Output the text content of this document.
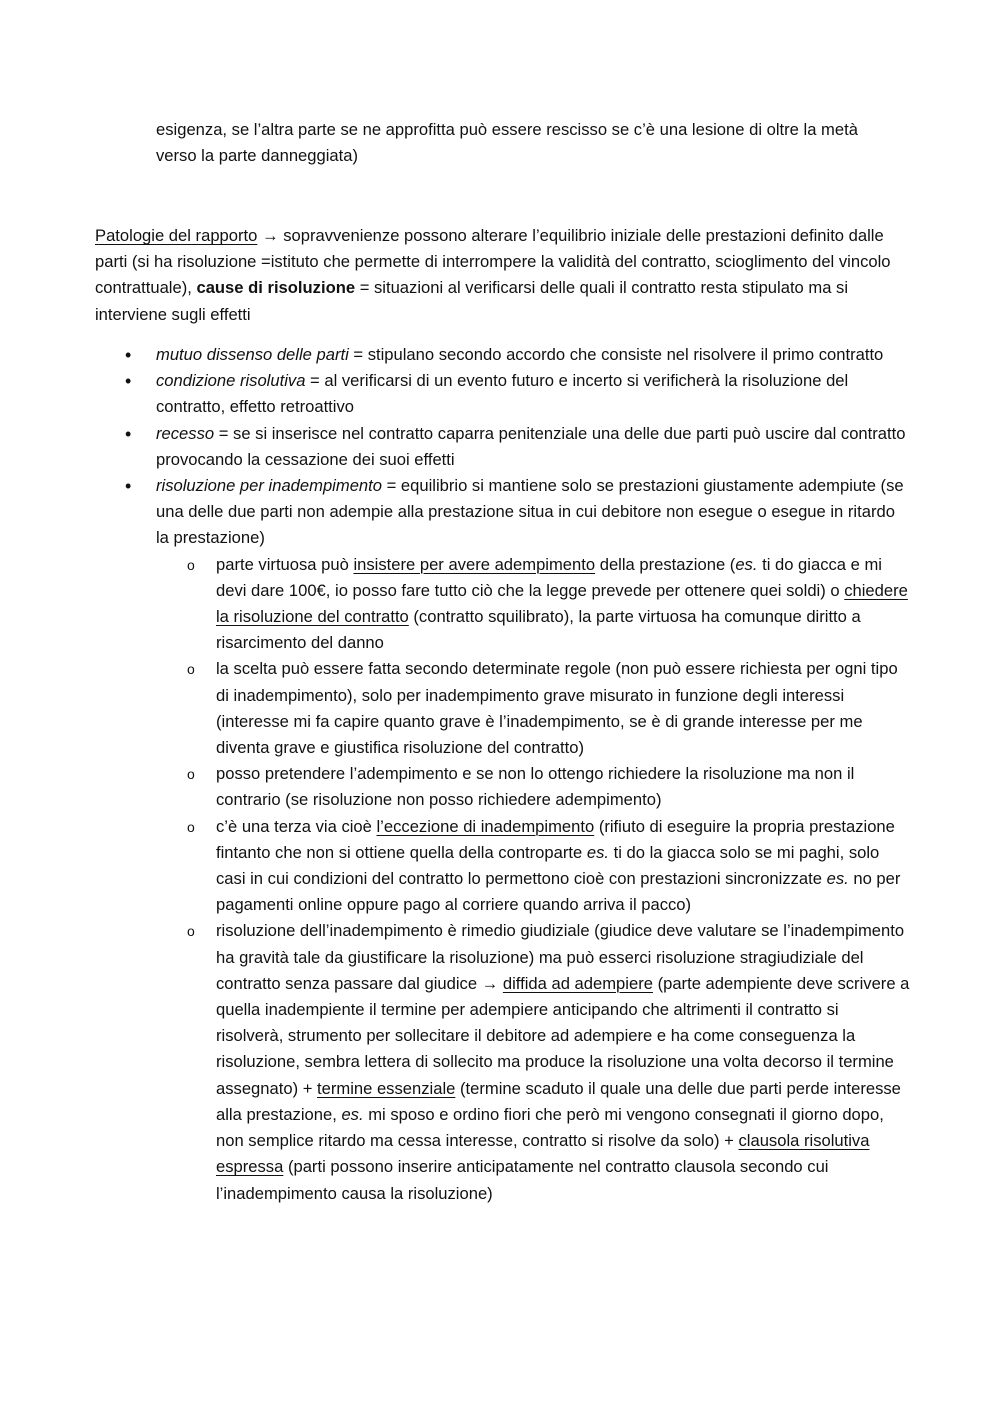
esigenza, se l’altra parte se ne approfitta può essere rescisso se c’è una lesione di oltre la metà
verso la parte danneggiata)

Patologie del rapporto → sopravvenienze possono alterare l’equilibrio iniziale delle prestazioni definito dalle parti (si ha risoluzione =istituto che permette di interrompere la validità del contratto, scioglimento del vincolo contrattuale), cause di risoluzione = situazioni al verificarsi delle quali il contratto resta stipulato ma si interviene sugli effetti

• mutuo dissenso delle parti = stipulano secondo accordo che consiste nel risolvere il primo contratto
• condizione risolutiva = al verificarsi di un evento futuro e incerto si verificherà la risoluzione del contratto, effetto retroattivo
• recesso = se si inserisce nel contratto caparra penitenziale una delle due parti può uscire dal contratto provocando la cessazione dei suoi effetti
• risoluzione per inadempimento = equilibrio si mantiene solo se prestazioni giustamente adempiute (se una delle due parti non adempie alla prestazione situa in cui debitore non esegue o esegue in ritardo la prestazione)
o parte virtuosa può insistere per avere adempimento della prestazione (es. ti do giacca e mi devi dare 100€, io posso fare tutto ciò che la legge prevede per ottenere quei soldi) o chiedere la risoluzione del contratto (contratto squilibrato), la parte virtuosa ha comunque diritto a risarcimento del danno
o la scelta può essere fatta secondo determinate regole (non può essere richiesta per ogni tipo di inadempimento), solo per inadempimento grave misurato in funzione degli interessi (interesse mi fa capire quanto grave è l’inadempimento, se è di grande interesse per me diventa grave e giustifica risoluzione del contratto)
o posso pretendere l’adempimento e se non lo ottengo richiedere la risoluzione ma non il contrario (se risoluzione non posso richiedere adempimento)
o c’è una terza via cioè l’eccezione di inadempimento (rifiuto di eseguire la propria prestazione fintanto che non si ottiene quella della controparte es. ti do la giacca solo se mi paghi, solo casi in cui condizioni del contratto lo permettono cioè con prestazioni sincronizzate es. no per pagamenti online oppure pago al corriere quando arriva il pacco)
o risoluzione dell’inadempimento è rimedio giudiziale (giudice deve valutare se l’inadempimento ha gravità tale da giustificare la risoluzione) ma può esserci risoluzione stragiudiziale del contratto senza passare dal giudice → diffida ad adempiere (parte adempiente deve scrivere a quella inadempiente il termine per adempiere anticipando che altrimenti il contratto si risolverà, strumento per sollecitare il debitore ad adempiere e ha come conseguenza la risoluzione, sembra lettera di sollecito ma produce la risoluzione una volta decorso il termine assegnato) + termine essenziale (termine scaduto il quale una delle due parti perde interesse alla prestazione, es. mi sposo e ordino fiori che però mi vengono consegnati il giorno dopo, non semplice ritardo ma cessa interesse, contratto si risolve da solo) + clausola risolutiva espressa (parti possono inserire anticipatamente nel contratto clausola secondo cui l’inadempimento causa la risoluzione)
